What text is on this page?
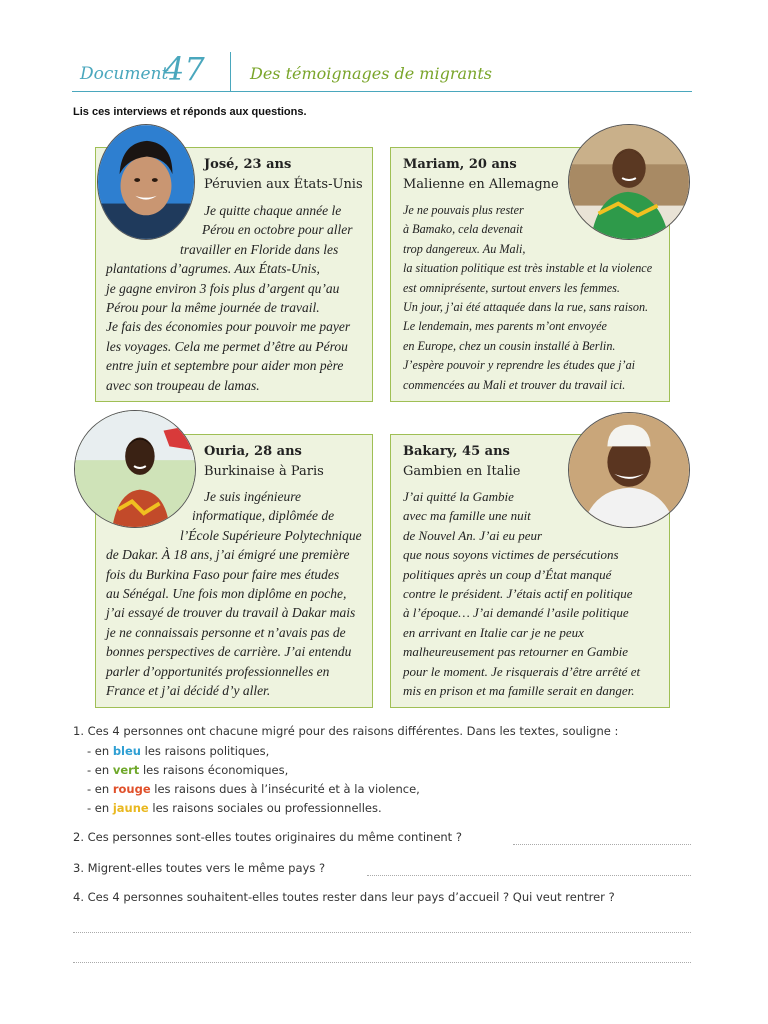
Document
47	Des témoignages de migrants
Lis ces interviews et réponds aux questions.
José, 23 ans
Péruvien aux États-Unis
Je quitte chaque année le
Pérou en octobre pour aller
travailler en Floride dans les
plantations d’agrumes. Aux États-Unis,
je gagne environ 3 fois plus d’argent qu’au
Pérou pour la même journée de travail.
Je fais des économies pour pouvoir me payer
les voyages. Cela me permet d’être au Pérou
entre juin et septembre pour aider mon père
avec son troupeau de lamas.
Mariam, 20 ans
Malienne en Allemagne
Je ne pouvais plus rester
à Bamako, cela devenait
trop dangereux. Au Mali,
la situation politique est très instable et la violence
est omniprésente, surtout envers les femmes.
Un jour, j’ai été attaquée dans la rue, sans raison.
Le lendemain, mes parents m’ont envoyée
en Europe, chez un cousin installé à Berlin.
J’espère pouvoir y reprendre les études que j’ai
commencées au Mali et trouver du travail ici.
Ouria, 28 ans
Burkinaise à Paris
Je suis ingénieure
informatique, diplômée de
l’École Supérieure Polytechnique
de Dakar. À 18 ans, j’ai émigré une première
fois du Burkina Faso pour faire mes études
au Sénégal. Une fois mon diplôme en poche,
j’ai essayé de trouver du travail à Dakar mais
je ne connaissais personne et n’avais pas de
bonnes perspectives de carrière. J’ai entendu
parler d’opportunités professionnelles en
France et j’ai décidé d’y aller.
Bakary, 45 ans
Gambien en Italie
J’ai quitté la Gambie
avec ma famille une nuit
de Nouvel An. J’ai eu peur
que nous soyons victimes de persécutions
politiques après un coup d’État manqué
contre le président. J’étais actif en politique
à l’époque… J’ai demandé l’asile politique
en arrivant en Italie car je ne peux
malheureusement pas retourner en Gambie
pour le moment. Je risquerais d’être arrêté et
mis en prison et ma famille serait en danger.
1. Ces 4 personnes ont chacune migré pour des raisons différentes. Dans les textes, souligne :
- en bleu les raisons politiques,
- en vert les raisons économiques,
- en rouge les raisons dues à l’insécurité et à la violence,
- en jaune les raisons sociales ou professionnelles.
2. Ces personnes sont-elles toutes originaires du même continent ?
3. Migrent-elles toutes vers le même pays ?
4. Ces 4 personnes souhaitent-elles toutes rester dans leur pays d’accueil ? Qui veut rentrer ?
